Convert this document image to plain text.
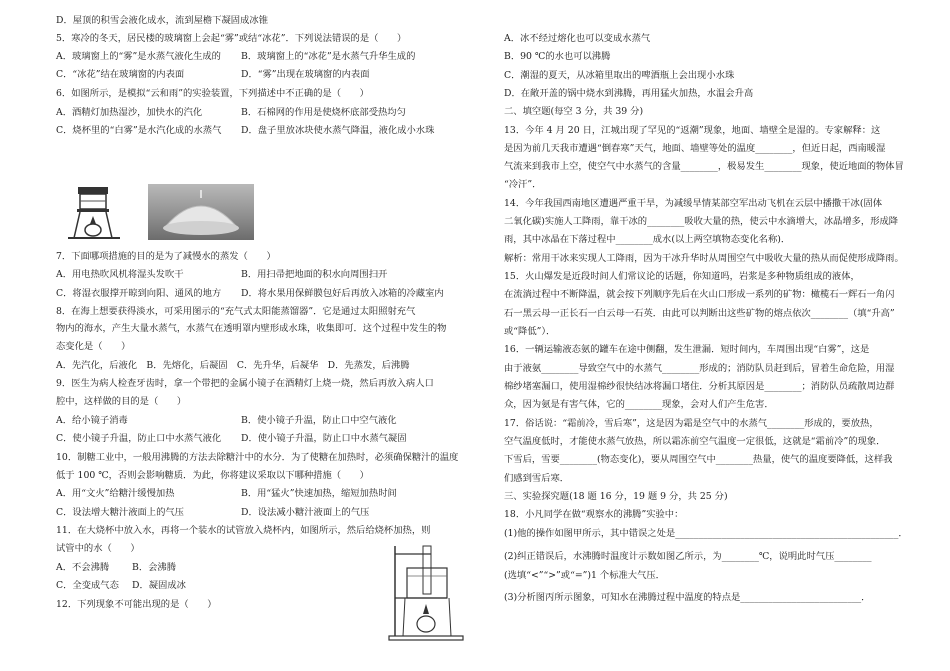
D．屋顶的积雪会液化成水，流到屋檐下凝固成冰锥
5．寒冷的冬天，居民楼的玻璃窗上会起“雾”或结“冰花”．下列说法错误的是（　　）
A．玻璃窗上的“雾”是水蒸气液化生成的 B．玻璃窗上的“冰花”是水蒸气升华生成的
C．“冰花”结在玻璃窗的内表面	D．“雾”出现在玻璃窗的内表面
6．如图所示，是模拟“云和雨”的实验装置，下列描述中不正确的是（　　）
A．酒精灯加热湿沙，加快水的汽化	B．石棉网的作用是使烧杯底部受热均匀
C．烧杯里的“白雾”是水汽化成的水蒸气 D．盘子里放冰块使水蒸气降温，液化成小水珠
7．下面哪项措施的目的是为了减慢水的蒸发（　　）
A．用电热吹风机将湿头发吹干	B．用扫帚把地面的积水向周围扫开
C．将湿衣服撑开晾到向阳、通风的地方 D．将水果用保鲜膜包好后再放入冰箱的冷藏室内
8．在海上想要获得淡水，可采用图示的“充气式太阳能蒸馏器”．它是通过太阳照射充气
物内的海水，产生大量水蒸气，水蒸气在透明罩内壁形成水珠，收集即可．这个过程中发生的物
态变化是（　　）
A．先汽化，后液化　B．先熔化，后凝固　C．先升华，后凝华　D．先蒸发，后沸腾
9．医生为病人检查牙齿时，拿一个带把的金属小镜子在酒精灯上烧一烧，然后再放入病人口
腔中，这样做的目的是（　　）
A．给小镜子消毒	B．使小镜子升温，防止口中空气液化
C．使小镜子升温，防止口中水蒸气液化 D．使小镜子升温，防止口中水蒸气凝固
10．制糖工业中，一般用沸腾的方法去除糖汁中的水分．为了使糖在加热时，必须确保糖汁的温度
低于 100 ℃，否则会影响糖质．为此，你将建议采取以下哪种措施（　　）
A．用“文火”给糖汁缓慢加热	B．用“猛火”快速加热，缩短加热时间
C．设法增大糖汁液面上的气压	D．设法减小糖汁液面上的气压
11．在大烧杯中放入水，再将一个装水的试管放入烧杯内，如图所示，然后给烧杯加热，则
试管中的水（　　）
A．不会沸腾 B．会沸腾
C．全变成气态 D．凝固成冰
12．下列现象不可能出现的是（　　）
A．冰不经过熔化也可以变成水蒸气
B．90 ℃的水也可以沸腾
C．潮湿的夏天，从冰箱里取出的啤酒瓶上会出现小水珠
D．在敞开盖的锅中烧水到沸腾，再用猛火加热，水温会升高
二、填空题(每空 3 分，共 39 分)
13．今年 4 月 20 日，江城出现了罕见的“返潮”现象，地面、墙壁全是湿的。专家解释：这
是因为前几天我市遭遇“倒春寒”天气，地面、墙壁等处的温度________，但近日起，西南暖湿
气流来到我市上空，使空气中水蒸气的含量________，极易发生________现象，使近地面的物体冒
“冷汗”．
14．今年我国西南地区遭遇严重干旱，为减缓旱情某部空军出动飞机在云层中播撒干冰(固体
二氧化碳)实施人工降雨，靠干冰的________吸收大量的热，使云中水滴增大，冰晶增多，形成降
雨，其中冰晶在下落过程中________成水(以上两空填物态变化名称)．
解析：常用干冰来实现人工降雨，因为干冰升华时从周围空气中吸收大量的热从而促使形成降雨。
15．火山爆发是近段时间人们常议论的话题，你知道吗，岩浆是多种物质组成的液体，
在流淌过程中不断降温，就会按下列顺序先后在火山口形成一系列的矿物：橄榄石一辉石一角闪
石一黑云母一正长石一白云母一石英．由此可以判断出这些矿物的熔点依次________（填“升高”
或“降低”）．
16．一辆运输液态氨的罐车在途中侧翻，发生泄漏．短时间内，车周围出现“白雾”，这是
由于液氨________导致空气中的水蒸气________形成的；消防队员赶到后，冒着生命危险，用湿
棉纱堵塞漏口，使用湿棉纱很快结冰将漏口堵住．分析其原因是________；消防队员疏散周边群
众，因为氨是有害气体，它的________现象，会对人们产生危害．
17．俗话说：“霜前冷，雪后寒”，这是因为霜是空气中的水蒸气________形成的，要放热，
空气温度低时，才能使水蒸气放热，所以霜冻前空气温度一定很低，这就是“霜前冷”的现象．
下雪后，雪要________(物态变化)，要从周围空气中________热量，使气的温度要降低，这样我
们感到雪后寒．
三、实验探究题(18 题 16 分，19 题 9 分，共 25 分)
18．小凡同学在做“观察水的沸腾”实验中：
(1)他的操作如图甲所示，其中错误之处是________________________________________________．
(2)纠正错误后，水沸腾时温度计示数如图乙所示，为________℃，说明此时气压________
(选填“<”“>”或“=”)1 个标准大气压．
(3)分析图丙所示图象，可知水在沸腾过程中温度的特点是__________________________．
